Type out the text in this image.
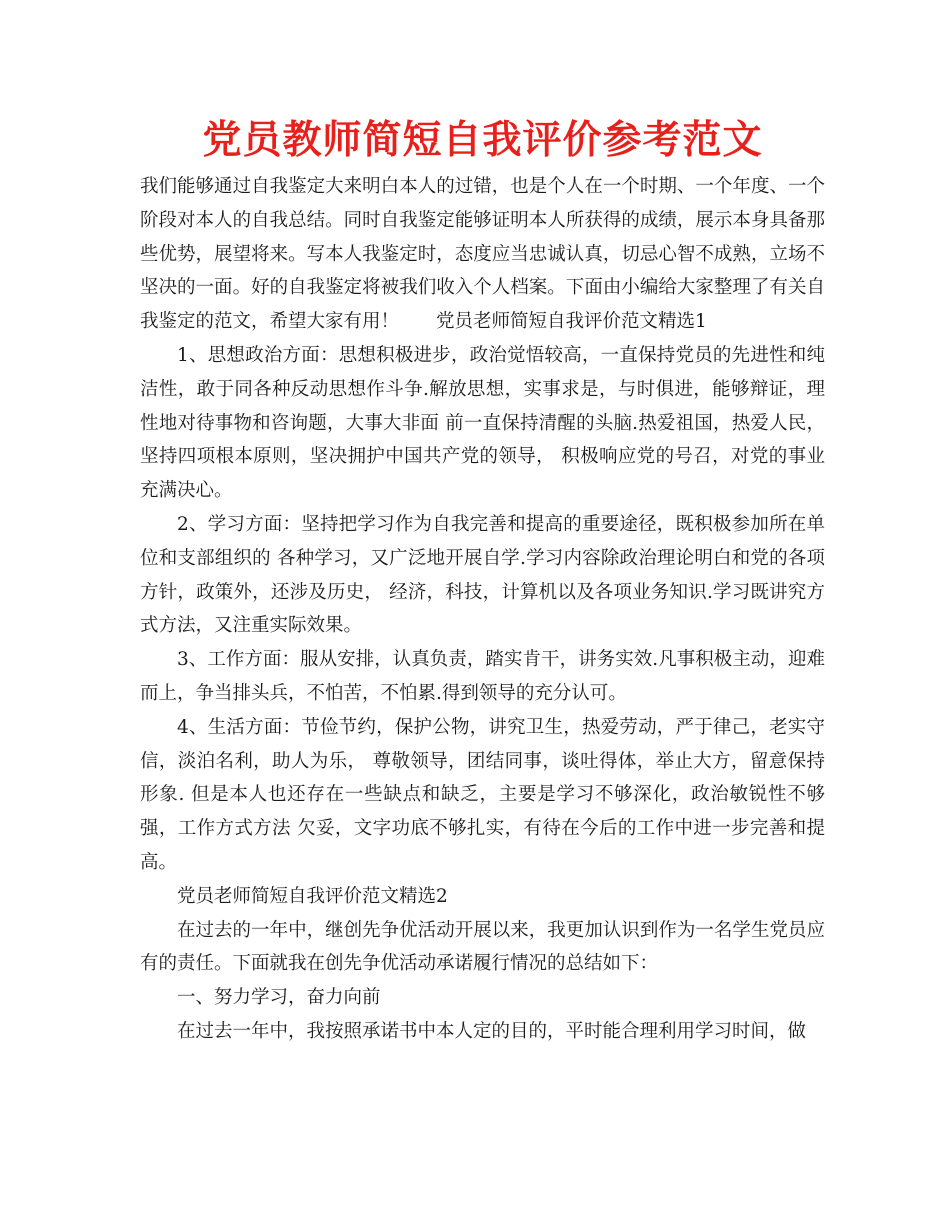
党员教师简短自我评价参考范文

我们能够通过自我鉴定大来明白本人的过错，也是个人在一个时期、一个年度、一个阶段对本人的自我总结。同时自我鉴定能够证明本人所获得的成绩，展示本身具备那些优势，展望将来。写本人我鉴定时，态度应当忠诚认真，切忌心智不成熟，立场不坚决的一面。好的自我鉴定将被我们收入个人档案。下面由小编给大家整理了有关自我鉴定的范文，希望大家有用！　　党员老师简短自我评价范文精选1

1、思想政治方面：思想积极进步，政治觉悟较高，一直保持党员的先进性和纯洁性，敢于同各种反动思想作斗争.解放思想，实事求是，与时俱进，能够辩证，理性地对待事物和咨询题，大事大非面 前一直保持清醒的头脑.热爱祖国，热爱人民，坚持四项根本原则，坚决拥护中国共产党的领导， 积极响应党的号召，对党的事业充满决心。

2、学习方面：坚持把学习作为自我完善和提高的重要途径，既积极参加所在单位和支部组织的 各种学习，又广泛地开展自学.学习内容除政治理论明白和党的各项方针，政策外，还涉及历史， 经济，科技，计算机以及各项业务知识.学习既讲究方式方法，又注重实际效果。

3、工作方面：服从安排，认真负责，踏实肯干，讲务实效.凡事积极主动，迎难而上，争当排头兵，不怕苦，不怕累.得到领导的充分认可。

4、生活方面：节俭节约，保护公物，讲究卫生，热爱劳动，严于律己，老实守信，淡泊名利，助人为乐， 尊敬领导，团结同事，谈吐得体，举止大方，留意保持形象. 但是本人也还存在一些缺点和缺乏，主要是学习不够深化，政治敏锐性不够强，工作方式方法 欠妥，文字功底不够扎实，有待在今后的工作中进一步完善和提高。

党员老师简短自我评价范文精选2

在过去的一年中，继创先争优活动开展以来，我更加认识到作为一名学生党员应有的责任。下面就我在创先争优活动承诺履行情况的总结如下：

一、努力学习，奋力向前

在过去一年中，我按照承诺书中本人定的目的，平时能合理利用学习时间，做
